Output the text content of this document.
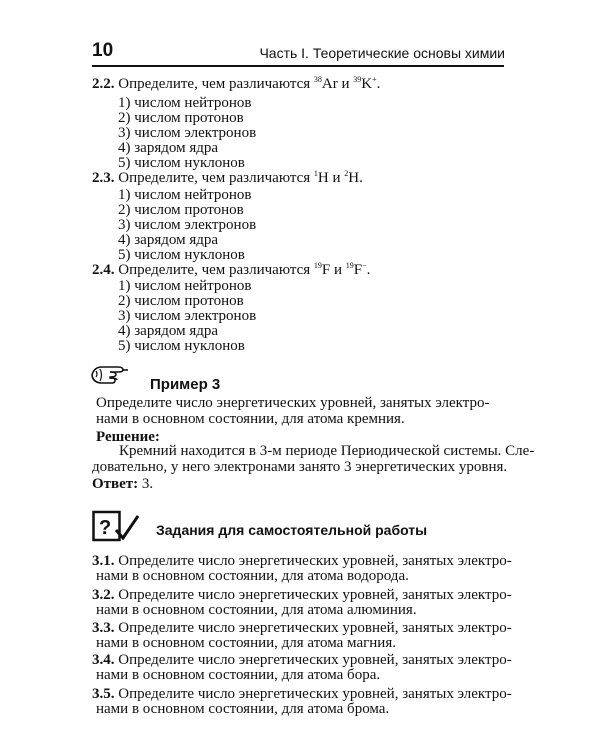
10	Часть I. Теоретические основы химии
2.2. Определите, чем различаются $^{38}$Ar и $^{39}$K+.
1) числом нейтронов
2) числом протонов
3) числом электронов
4) зарядом ядра
5) числом нуклонов
2.3. Определите, чем различаются $^1$H и $^2$H.
1) числом нейтронов
2) числом протонов
3) числом электронов
4) зарядом ядра
5) числом нуклонов
2.4. Определите, чем различаются $^{19}$F и $^{19}$F−.
1) числом нейтронов
2) числом протонов
3) числом электронов
4) зарядом ядра
5) числом нуклонов
Пример 3
Определите число энергетических уровней, занятых электро-
нами в основном состоянии, для атома кремния.
Решение:
Кремний находится в 3-м периоде Периодической системы. Сле-
довательно, у него электронами занято 3 энергетических уровня.
Ответ: 3.
?	Задания для самостоятельной работы
3.1. Определите число энергетических уровней, занятых электро-
нами в основном состоянии, для атома водорода.
3.2. Определите число энергетических уровней, занятых электро-
нами в основном состоянии, для атома алюминия.
3.3. Определите число энергетических уровней, занятых электро-
нами в основном состоянии, для атома магния.
3.4. Определите число энергетических уровней, занятых электро-
нами в основном состоянии, для атома бора.
3.5. Определите число энергетических уровней, занятых электро-
нами в основном состоянии, для атома брома.
